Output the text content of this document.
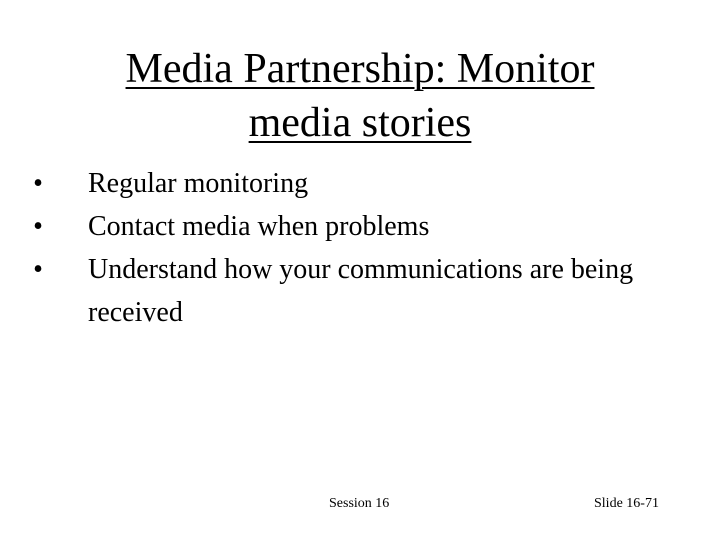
Media Partnership: Monitor
media stories
• Regular monitoring
• Contact media when problems
• Understand how your communications are being received
Session 16	Slide 16-71
